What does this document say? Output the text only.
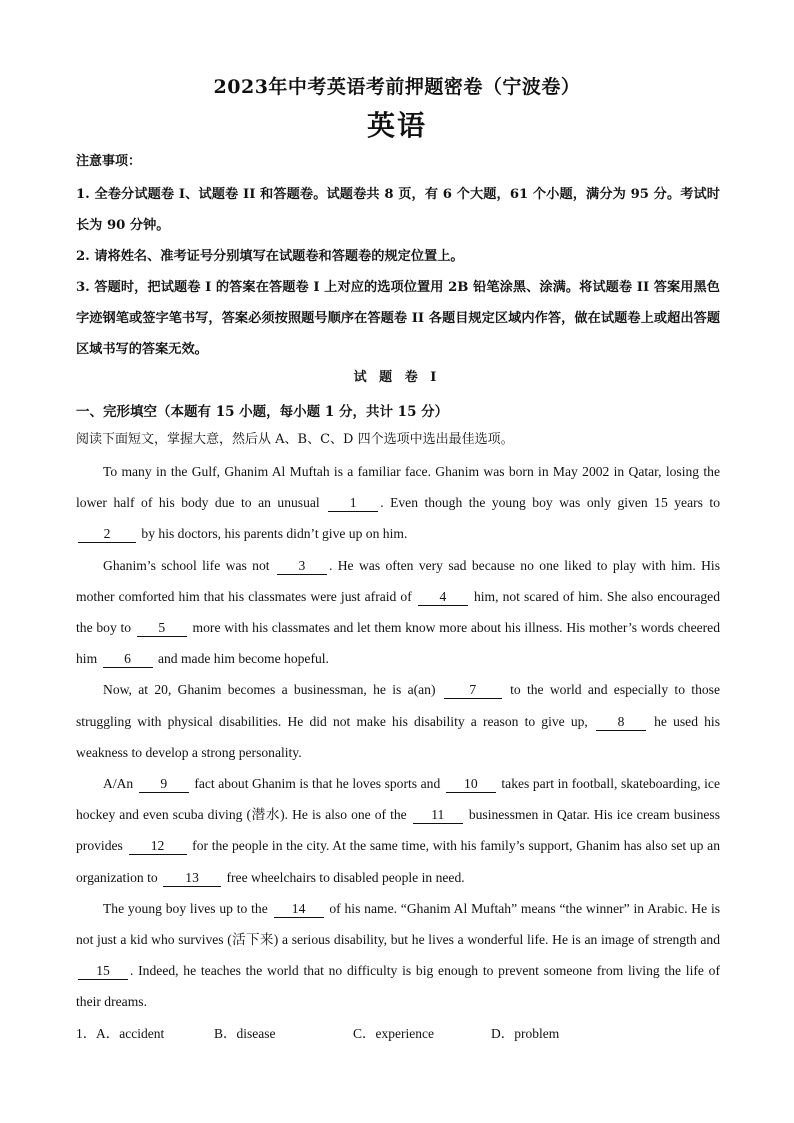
2023年中考英语考前押题密卷（宁波卷）
英语
注意事项：
1. 全卷分试题卷 I、试题卷 II 和答题卷。试题卷共 8 页，有 6 个大题，61 个小题，满分为 95 分。考试时长为 90 分钟。
2. 请将姓名、准考证号分别填写在试题卷和答题卷的规定位置上。
3. 答题时，把试题卷 I 的答案在答题卷 I 上对应的选项位置用 2B 铅笔涂黑、涂满。将试题卷 II 答案用黑色字迹钢笔或签字笔书写，答案必须按照题号顺序在答题卷 II 各题目规定区域内作答，做在试题卷上或超出答题区域书写的答案无效。
试 题 卷 I
一、完形填空（本题有 15 小题，每小题 1 分，共计 15 分）
阅读下面短文，掌握大意，然后从 A、B、C、D 四个选项中选出最佳选项。

To many in the Gulf, Ghanim Al Muftah is a familiar face. Ghanim was born in May 2002 in Qatar, losing the lower half of his body due to an unusual 1 . Even though the young boy was only given 15 years to 2 by his doctors, his parents didn’t give up on him.

Ghanim’s school life was not 3 . He was often very sad because no one liked to play with him. His mother comforted him that his classmates were just afraid of 4 him, not scared of him. She also encouraged the boy to 5 more with his classmates and let them know more about his illness. His mother’s words cheered him 6 and made him become hopeful.

Now, at 20, Ghanim becomes a businessman, he is a(an) 7 to the world and especially to those struggling with physical disabilities. He did not make his disability a reason to give up, 8 he used his weakness to develop a strong personality.

A/An 9 fact about Ghanim is that he loves sports and 10 takes part in football, skateboarding, ice hockey and even scuba diving (潜水). He is also one of the 11 businessmen in Qatar. His ice cream business provides 12 for the people in the city. At the same time, with his family’s support, Ghanim has also set up an organization to 13 free wheelchairs to disabled people in need.

The young boy lives up to the 14 of his name. “Ghanim Al Muftah” means “the winner” in Arabic. He is not just a kid who survives (活下来) a serious disability, but he lives a wonderful life. He is an image of strength and 15 . Indeed, he teaches the world that no difficulty is big enough to prevent someone from living the life of their dreams.

1． A．accident	B．disease	C．experience	D．problem
